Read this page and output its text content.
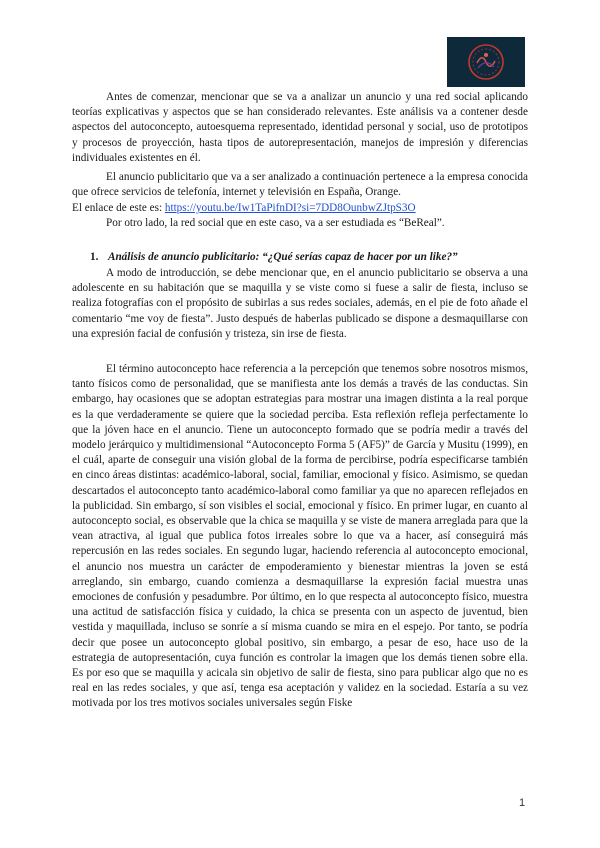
Antes de comenzar, mencionar que se va a analizar un anuncio y una red social aplicando teorías explicativas y aspectos que se han considerado relevantes. Este análisis va a contener desde aspectos del autoconcepto, autoesquema representado, identidad personal y social, uso de prototipos y procesos de proyección, hasta tipos de autorepresentación, manejos de impresión y diferencias individuales existentes en él.

El anuncio publicitario que va a ser analizado a continuación pertenece a la empresa conocida que ofrece servicios de telefonía, internet y televisión en España, Orange.

El enlace de este es: https://youtu.be/Iw1TaPifnDI?si=7DD8OunbwZJtpS3O

Por otro lado, la red social que en este caso, va a ser estudiada es “BeReal”.

1. Análisis de anuncio publicitario: “¿Qué serías capaz de hacer por un like?”

A modo de introducción, se debe mencionar que, en el anuncio publicitario se observa a una adolescente en su habitación que se maquilla y se viste como si fuese a salir de fiesta, incluso se realiza fotografías con el propósito de subirlas a sus redes sociales, además, en el pie de foto añade el comentario “me voy de fiesta”. Justo después de haberlas publicado se dispone a desmaquillarse con una expresión facial de confusión y tristeza, sin irse de fiesta.

El término autoconcepto hace referencia a la percepción que tenemos sobre nosotros mismos, tanto físicos como de personalidad, que se manifiesta ante los demás a través de las conductas. Sin embargo, hay ocasiones que se adoptan estrategias para mostrar una imagen distinta a la real porque es la que verdaderamente se quiere que la sociedad perciba. Esta reflexión refleja perfectamente lo que la jóven hace en el anuncio. Tiene un autoconcepto formado que se podría medir a través del modelo jerárquico y multidimensional “Autoconcepto Forma 5 (AF5)” de García y Musitu (1999), en el cuál, aparte de conseguir una visión global de la forma de percibirse, podría especificarse también en cinco áreas distintas: académico-laboral, social, familiar, emocional y físico. Asimismo, se quedan descartados el autoconcepto tanto académico-laboral como familiar ya que no aparecen reflejados en la publicidad. Sin embargo, sí son visibles el social, emocional y físico. En primer lugar, en cuanto al autoconcepto social, es observable que la chica se maquilla y se viste de manera arreglada para que la vean atractiva, al igual que publica fotos irreales sobre lo que va a hacer, así conseguirá más repercusión en las redes sociales. En segundo lugar, haciendo referencia al autoconcepto emocional, el anuncio nos muestra un carácter de empoderamiento y bienestar mientras la joven se está arreglando, sin embargo, cuando comienza a desmaquillarse la expresión facial muestra unas emociones de confusión y pesadumbre. Por último, en lo que respecta al autoconcepto físico, muestra una actitud de satisfacción física y cuidado, la chica se presenta con un aspecto de juventud, bien vestida y maquillada, incluso se sonríe a sí misma cuando se mira en el espejo. Por tanto, se podría decir que posee un autoconcepto global positivo, sin embargo, a pesar de eso, hace uso de la estrategia de autopresentación, cuya función es controlar la imagen que los demás tienen sobre ella. Es por eso que se maquilla y acicala sin objetivo de salir de fiesta, sino para publicar algo que no es real en las redes sociales, y que así, tenga esa aceptación y validez en la sociedad. Estaría a su vez motivada por los tres motivos sociales universales según Fiske

1
